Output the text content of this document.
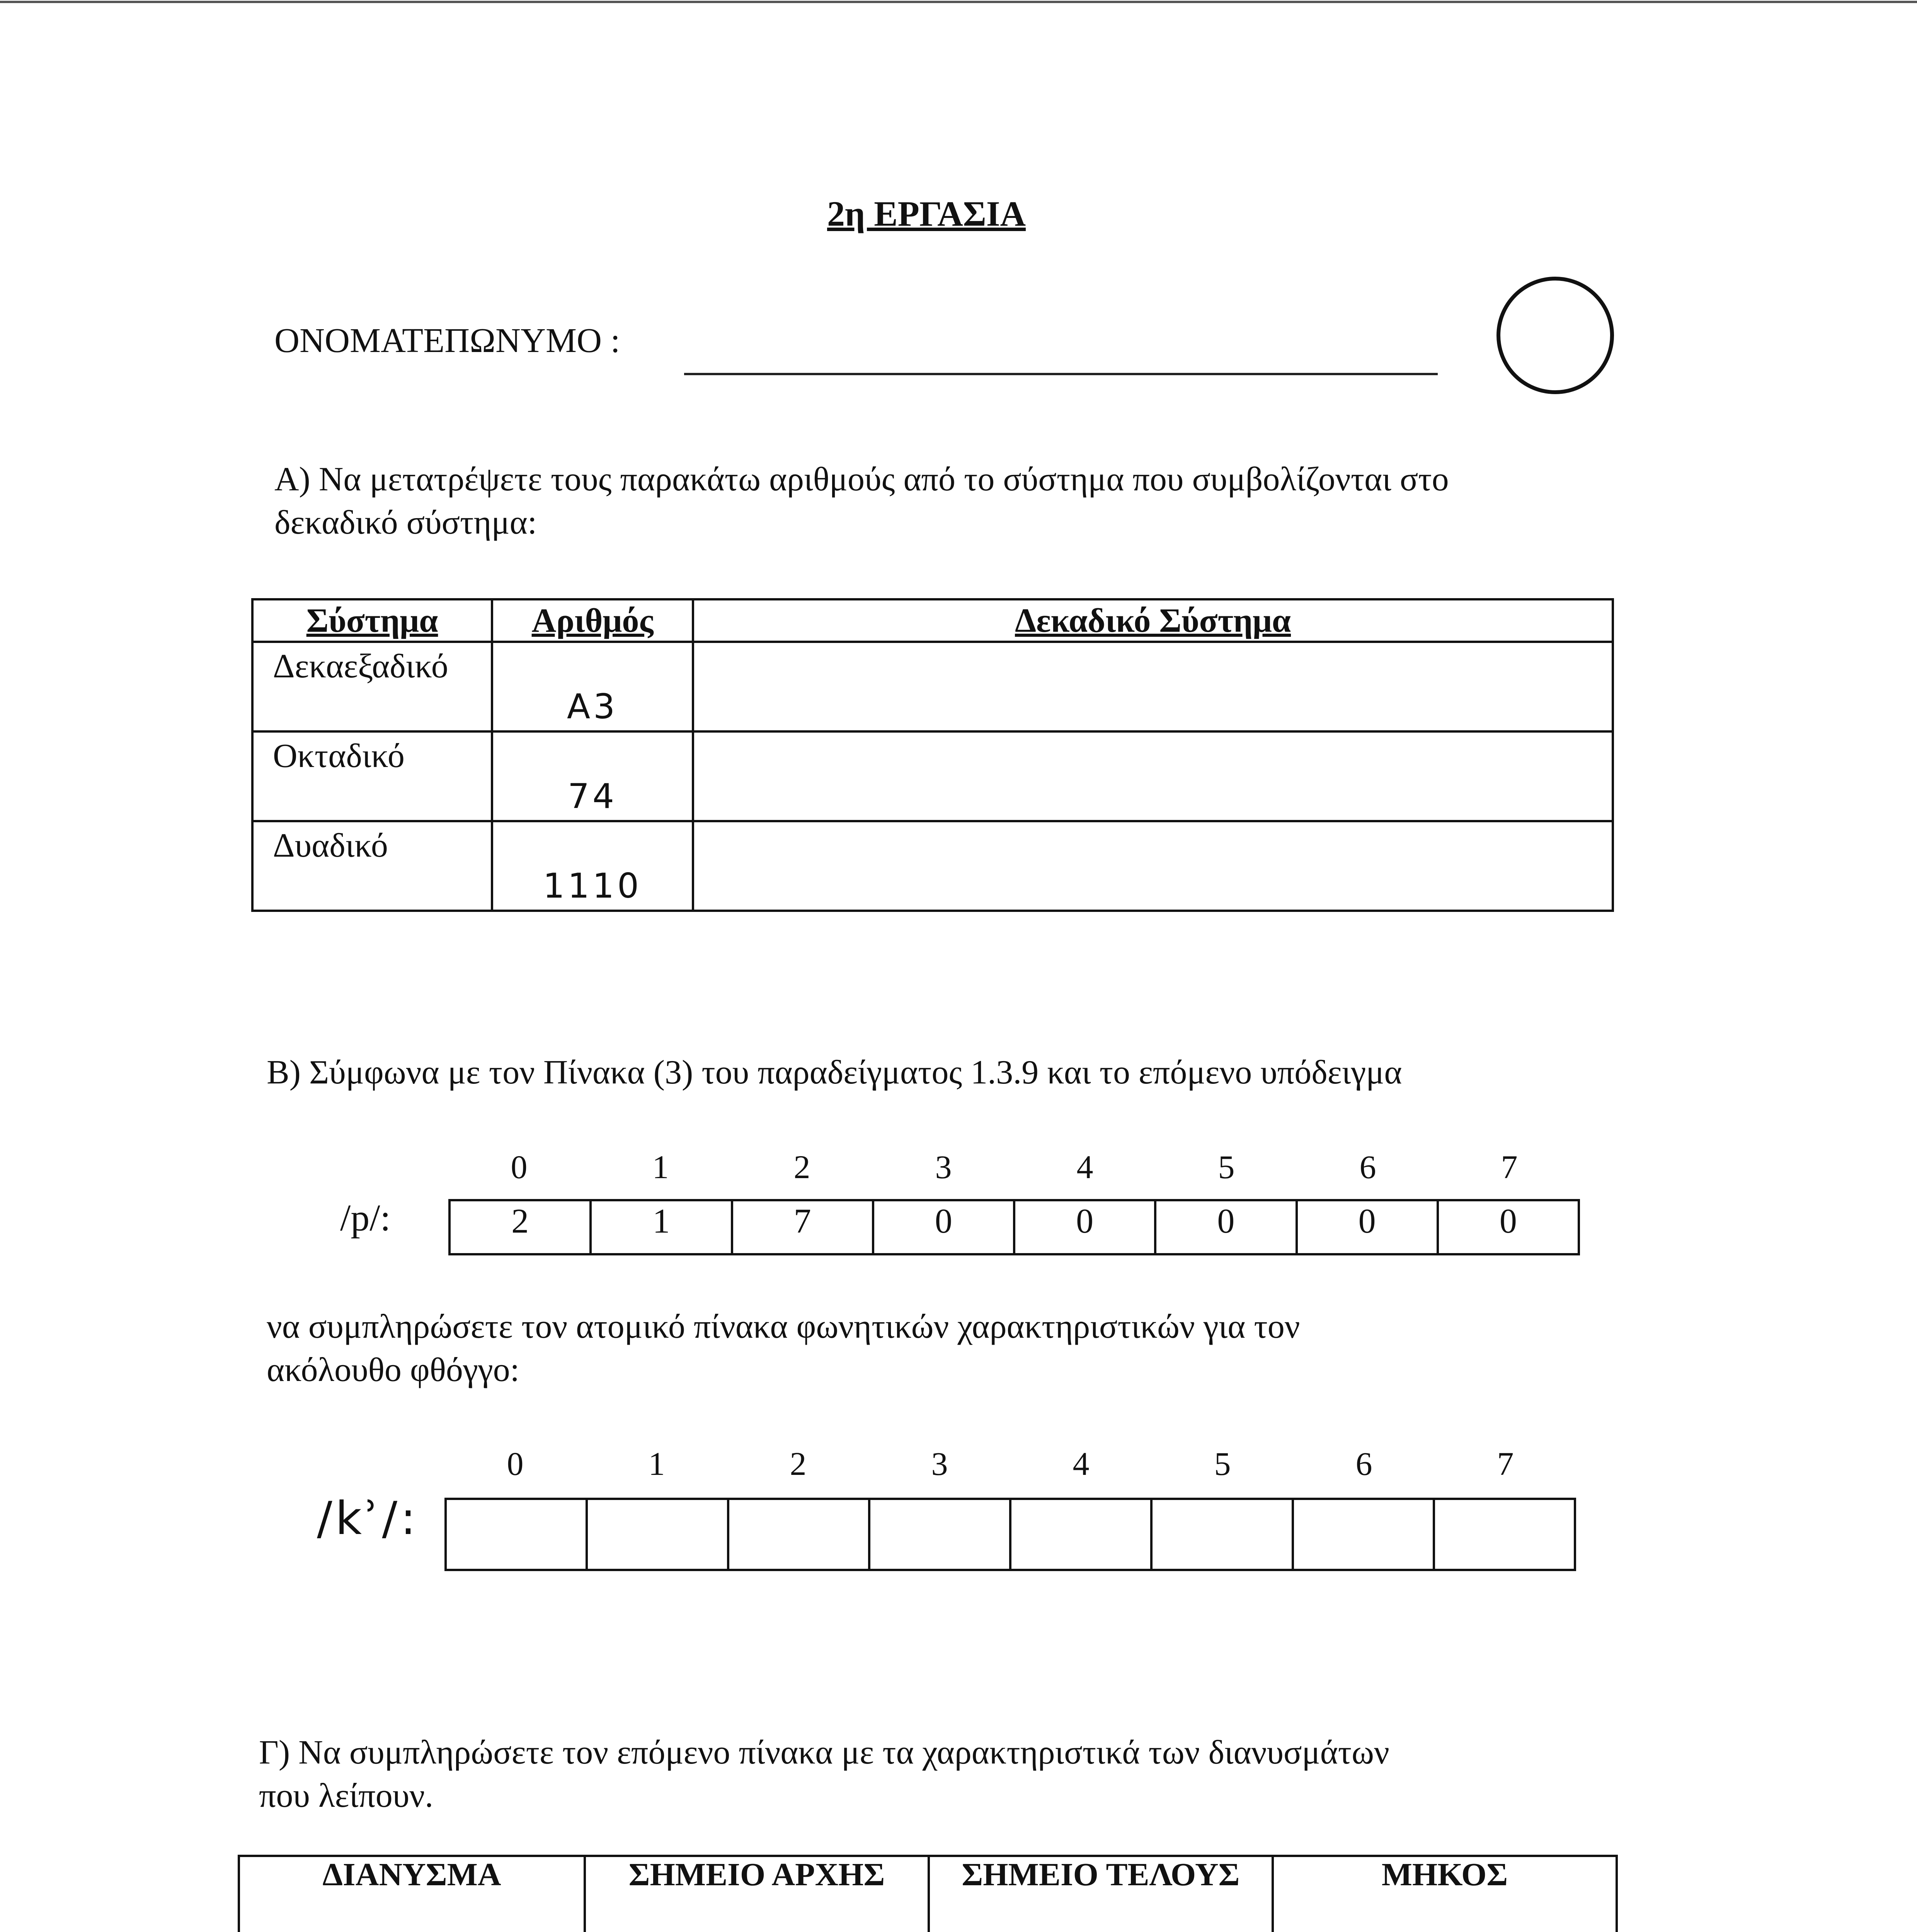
2η ΕΡΓΑΣΙΑ
ΟΝΟΜΑΤΕΠΩΝΥΜΟ :
Α) Να μετατρέψετε τους παρακάτω αριθμούς από το σύστημα που συμβολίζονται στο
δεκαδικό σύστημα:
Σύστημα	Αριθμός	Δεκαδικό Σύστημα
Δεκαεξαδικό	A3	
Οκταδικό	74	
Δυαδικό	1110	
Β) Σύμφωνα με τον Πίνακα (3) του παραδείγματος 1.3.9 και το επόμενο υπόδειγμα
0	1	2	3	4	5	6	7
/p/:	2	1	7	0	0	0	0	0
να συμπληρώσετε τον ατομικό πίνακα φωνητικών χαρακτηριστικών για τον
ακόλουθο φθόγγο:
0	1	2	3	4	5	6	7
/kʾ/:

Γ) Να συμπληρώσετε τον επόμενο πίνακα με τα χαρακτηριστικά των διανυσμάτων
που λείπουν.
ΔΙΑΝΥΣΜΑ	ΣΗΜΕΙΟ ΑΡΧΗΣ	ΣΗΜΕΙΟ ΤΕΛΟΥΣ	ΜΗΚΟΣ
